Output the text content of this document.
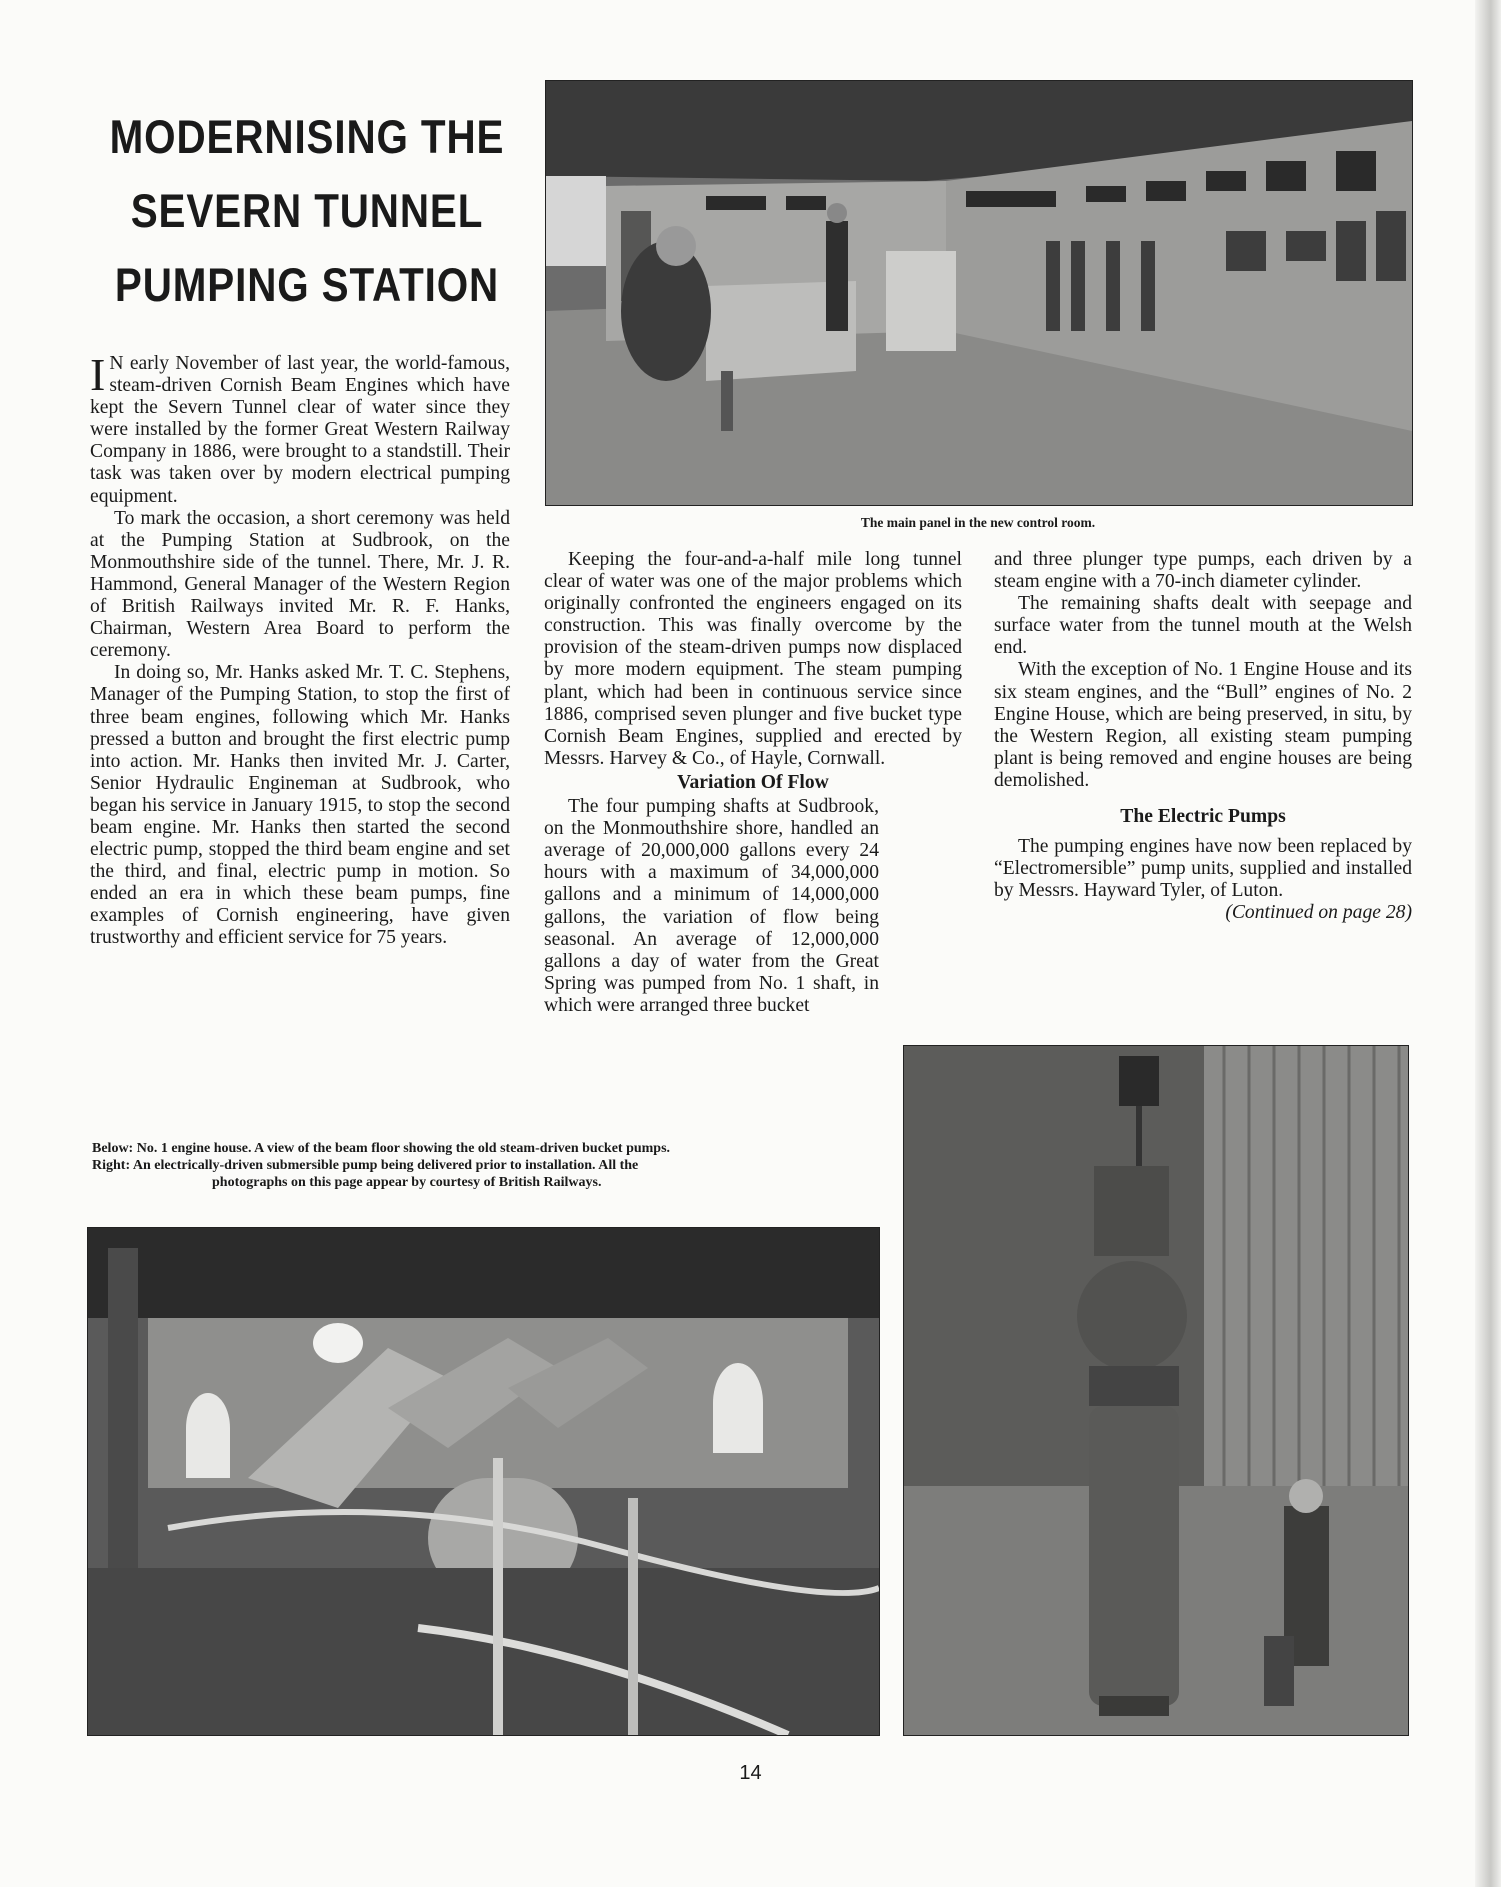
MODERNISING THE
SEVERN TUNNEL
PUMPING STATION

I N early November of last year, the world-famous, steam-driven Cornish Beam Engines which have kept the Severn Tunnel clear of water since they were installed by the former Great Western Railway Company in 1886, were brought to a standstill. Their task was taken over by modern electrical pumping equipment.

To mark the occasion, a short ceremony was held at the Pumping Station at Sudbrook, on the Monmouthshire side of the tunnel. There, Mr. J. R. Hammond, General Manager of the Western Region of British Railways invited Mr. R. F. Hanks, Chairman, Western Area Board to perform the ceremony.

In doing so, Mr. Hanks asked Mr. T. C. Stephens, Manager of the Pumping Station, to stop the first of three beam engines, following which Mr. Hanks pressed a button and brought the first electric pump into action. Mr. Hanks then invited Mr. J. Carter, Senior Hydraulic Engineman at Sudbrook, who began his service in January 1915, to stop the second beam engine. Mr. Hanks then started the second electric pump, stopped the third beam engine and set the third, and final, electric pump in motion. So ended an era in which these beam pumps, fine examples of Cornish engineering, have given trustworthy and efficient service for 75 years.

The main panel in the new control room.

Keeping the four-and-a-half mile long tunnel clear of water was one of the major problems which originally confronted the engineers engaged on its construction. This was finally overcome by the provision of the steam-driven pumps now displaced by more modern equipment. The steam pumping plant, which had been in continuous service since 1886, comprised seven plunger and five bucket type Cornish Beam Engines, supplied and erected by Messrs. Harvey & Co., of Hayle, Cornwall.

Variation Of Flow

The four pumping shafts at Sudbrook, on the Monmouthshire shore, handled an average of 20,000,000 gallons every 24 hours with a maximum of 34,000,000 gallons and a minimum of 14,000,000 gallons, the variation of flow being seasonal. An average of 12,000,000 gallons a day of water from the Great Spring was pumped from No. 1 shaft, in which were arranged three bucket

and three plunger type pumps, each driven by a steam engine with a 70-inch diameter cylinder.

The remaining shafts dealt with seepage and surface water from the tunnel mouth at the Welsh end.

With the exception of No. 1 Engine House and its six steam engines, and the “Bull” engines of No. 2 Engine House, which are being preserved, in situ, by the Western Region, all existing steam pumping plant is being removed and engine houses are being demolished.

The Electric Pumps

The pumping engines have now been replaced by “Electromersible” pump units, supplied and installed by Messrs. Hayward Tyler, of Luton.

(Continued on page 28)
Below: No. 1 engine house. A view of the beam floor showing the old steam-driven bucket pumps.
Right: An electrically-driven submersible pump being delivered prior to installation. All the
photographs on this page appear by courtesy of British Railways.
14
